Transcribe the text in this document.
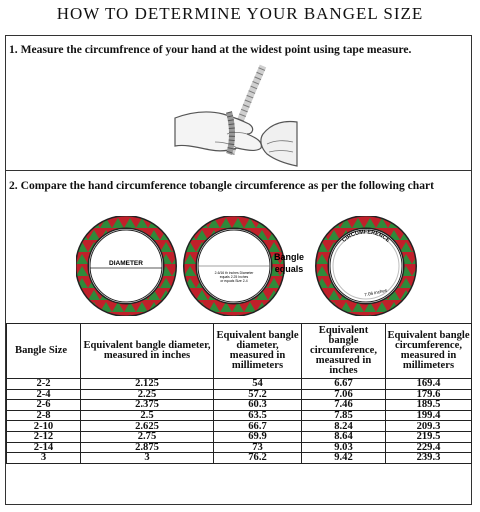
HOW TO DETERMINE YOUR BANGEL SIZE
1. Measure the circumfrence of your hand at the widest point using tape measure.
2. Compare the hand circumference tobangle circumference as per the following chart
DIAMETER
2-6/16 th inches Diameter
equals 2.25 Inches
or equals Size 2-4
Bangle
equals
CIRCUMFERENCE
7.06 inches
Bangle Size	Equivalent bangle diameter, measured in inches	Equivalent bangle diameter, measured in millimeters	Equivalent bangle circumference, measured in inches	Equivalent bangle circumference, measured in millimeters
2-2	2.125	54	6.67	169.4
2-4	2.25	57.2	7.06	179.6
2-6	2.375	60.3	7.46	189.5
2-8	2.5	63.5	7.85	199.4
2-10	2.625	66.7	8.24	209.3
2-12	2.75	69.9	8.64	219.5
2-14	2.875	73	9.03	229.4
3	3	76.2	9.42	239.3
